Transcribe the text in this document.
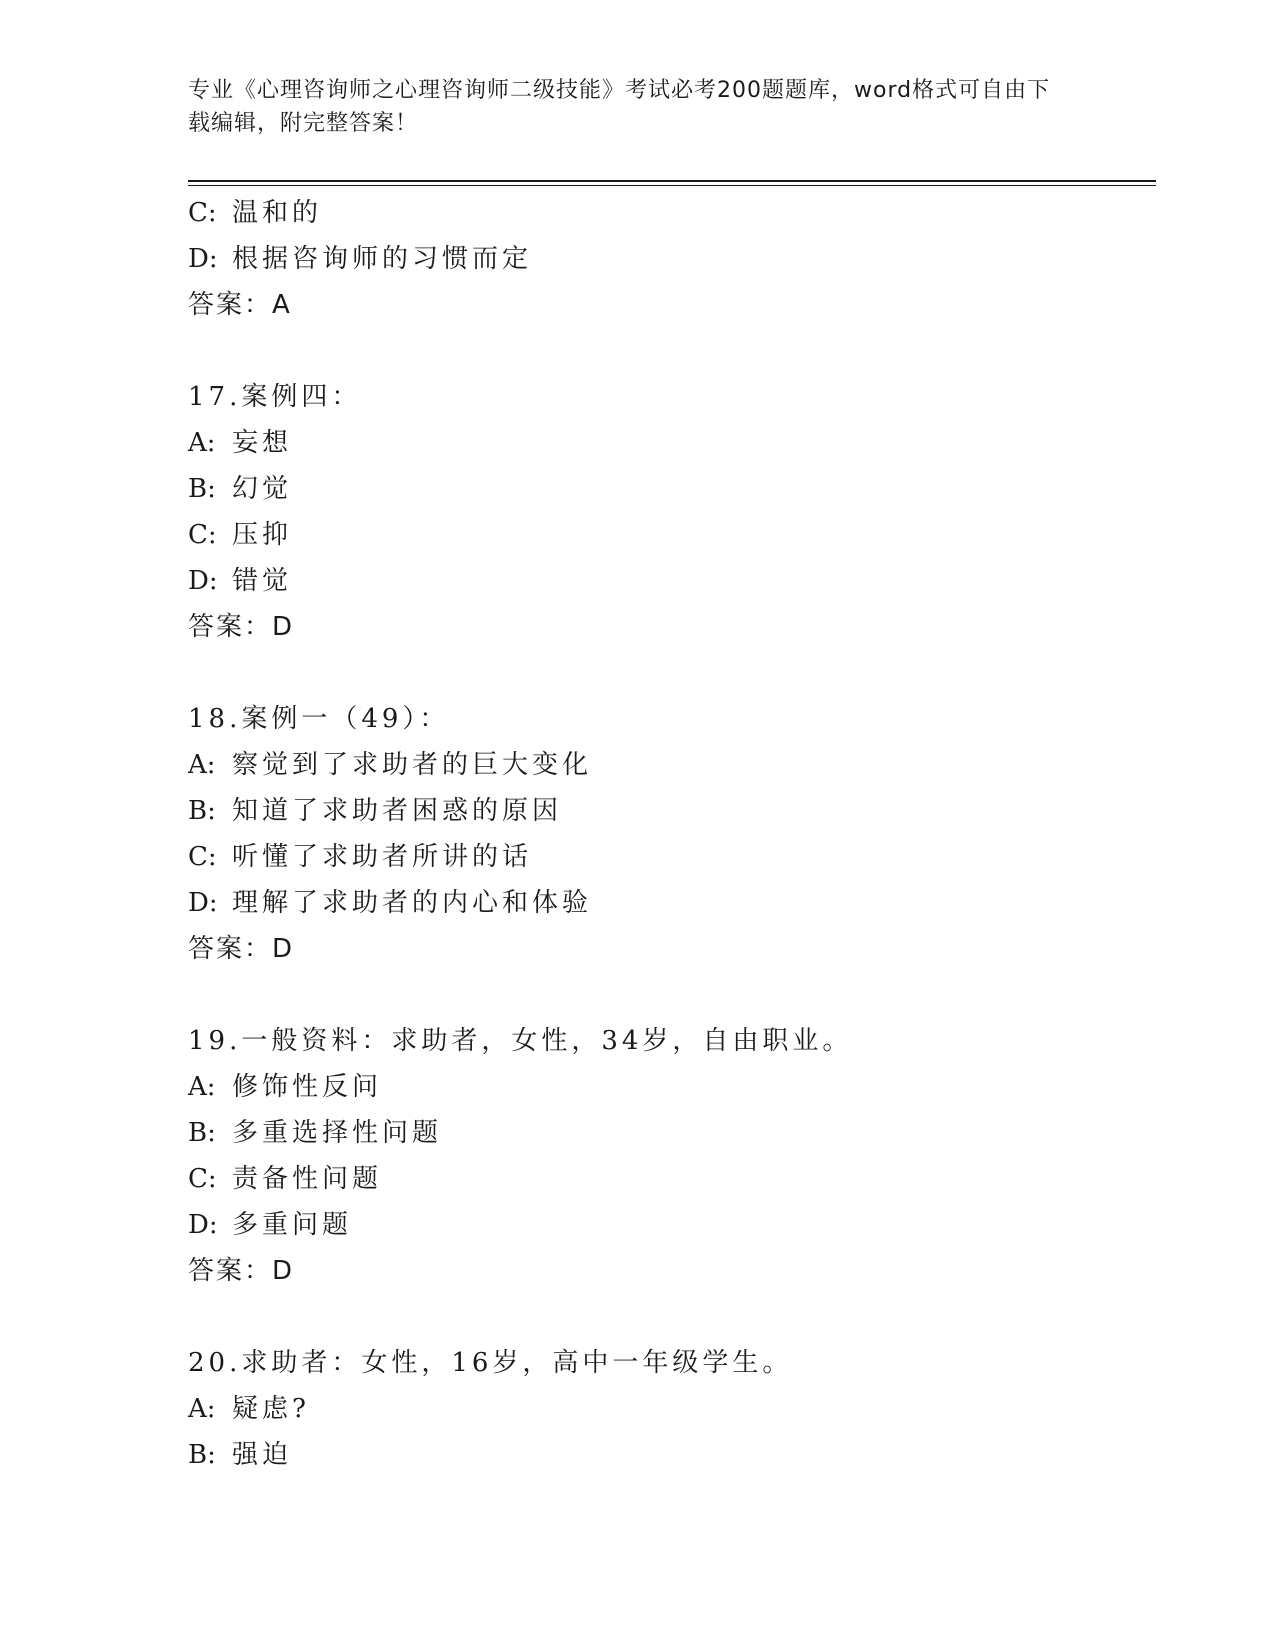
专业《心理咨询师之心理咨询师二级技能》考试必考200题题库，word格式可自由下载编辑，附完整答案！
C: 温和的
D: 根据咨询师的习惯而定
答案：A
17.案例四：
A: 妄想
B: 幻觉
C: 压抑
D: 错觉
答案：D
18.案例一（49）：
A: 察觉到了求助者的巨大变化
B: 知道了求助者困惑的原因
C: 听懂了求助者所讲的话
D: 理解了求助者的内心和体验
答案：D
19.一般资料：求助者，女性，34岁，自由职业。
A: 修饰性反问
B: 多重选择性问题
C: 责备性问题
D: 多重问题
答案：D
20.求助者：女性，16岁，高中一年级学生。
A: 疑虑?
B: 强迫
